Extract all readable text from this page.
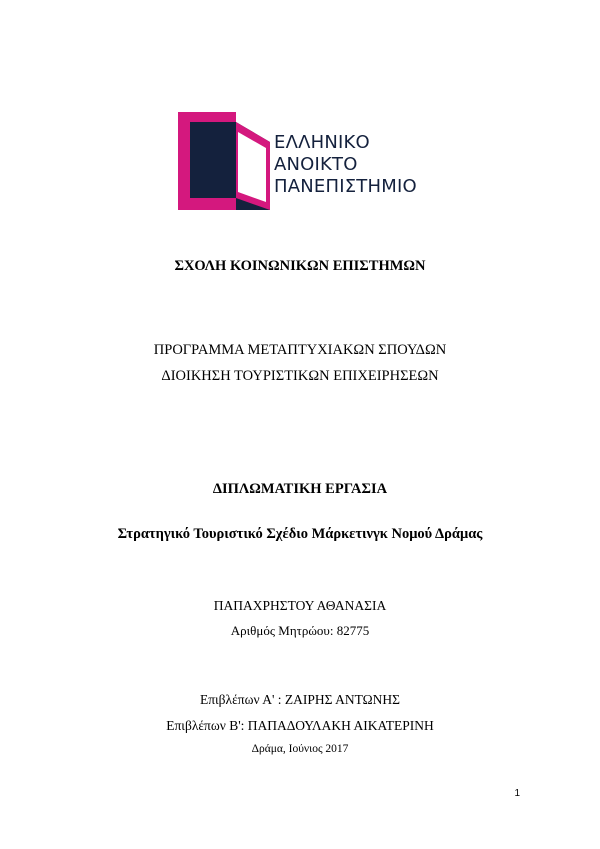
ΕΛΛΗΝΙΚΟ
ΑΝΟΙΚΤΟ
ΠΑΝΕΠΙΣΤΗΜΙΟ
ΣΧΟΛΗ ΚΟΙΝΩΝΙΚΩΝ ΕΠΙΣΤΗΜΩΝ
ΠΡΟΓΡΑΜΜΑ ΜΕΤΑΠΤΥΧΙΑΚΩΝ ΣΠΟΥΔΩΝ
ΔΙΟΙΚΗΣΗ ΤΟΥΡΙΣΤΙΚΩΝ ΕΠΙΧΕΙΡΗΣΕΩΝ
ΔΙΠΛΩΜΑΤΙΚΗ ΕΡΓΑΣΙΑ
Στρατηγικό Τουριστικό Σχέδιο Μάρκετινγκ Νομού Δράμας
ΠΑΠΑΧΡΗΣΤΟΥ ΑΘΑΝΑΣΙΑ
Αριθμός Μητρώου: 82775
Επιβλέπων Α' : ΖΑΙΡΗΣ ΑΝΤΩΝΗΣ
Επιβλέπων Β': ΠΑΠΑΔΟΥΛΑΚΗ ΑΙΚΑΤΕΡΙΝΗ
Δράμα, Ιούνιος 2017
1
